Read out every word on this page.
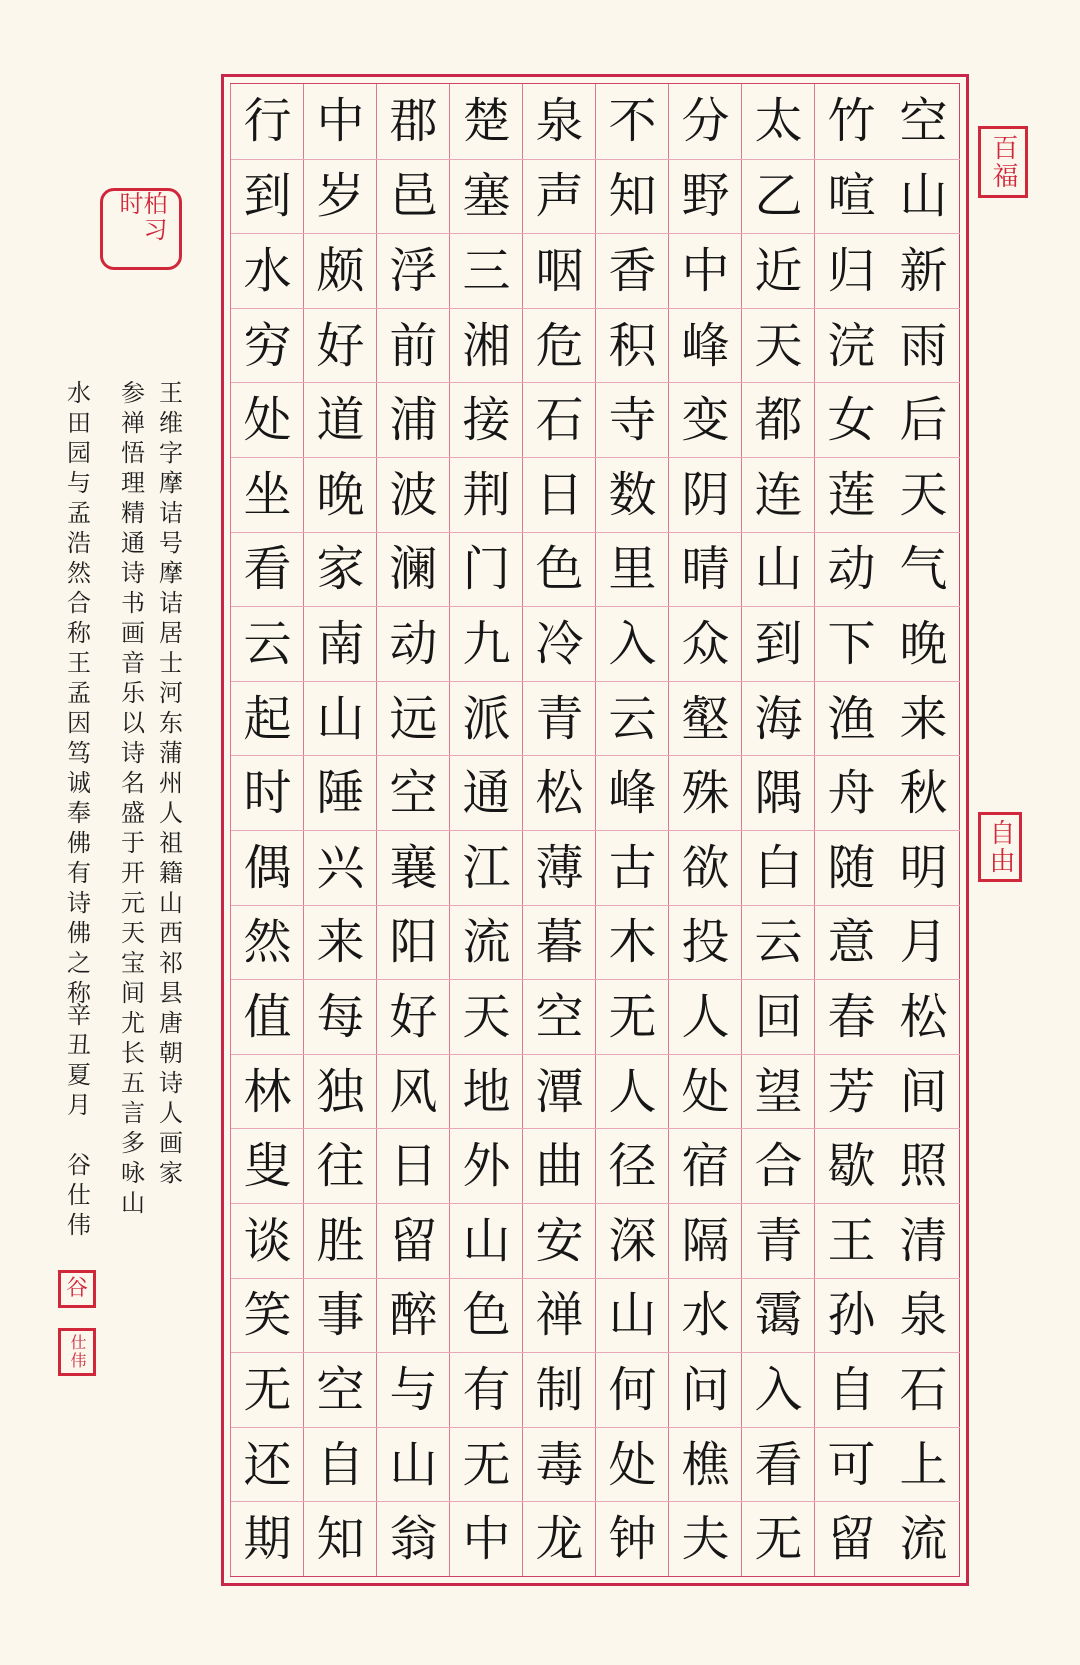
空
山
新
雨
后
天
气
晚
来
秋
明
月
松
间
照
清
泉
石
上
流
竹
喧
归
浣
女
莲
动
下
渔
舟
随
意
春
芳
歇
王
孙
自
可
留
太
乙
近
天
都
连
山
到
海
隅
白
云
回
望
合
青
霭
入
看
无
分
野
中
峰
变
阴
晴
众
壑
殊
欲
投
人
处
宿
隔
水
问
樵
夫
不
知
香
积
寺
数
里
入
云
峰
古
木
无
人
径
深
山
何
处
钟
泉
声
咽
危
石
日
色
冷
青
松
薄
暮
空
潭
曲
安
禅
制
毒
龙
楚
塞
三
湘
接
荆
门
九
派
通
江
流
天
地
外
山
色
有
无
中
郡
邑
浮
前
浦
波
澜
动
远
空
襄
阳
好
风
日
留
醉
与
山
翁
中
岁
颇
好
道
晚
家
南
山
陲
兴
来
每
独
往
胜
事
空
自
知
行
到
水
穷
处
坐
看
云
起
时
偶
然
值
林
叟
谈
笑
无
还
期
王
维
字
摩
诘
号
摩
诘
居
士
河
东
蒲
州
人
祖
籍
山
西
祁
县
唐
朝
诗
人
画
家
参
禅
悟
理
精
通
诗
书
画
音
乐
以
诗
名
盛
于
开
元
天
宝
间
尤
长
五
言
多
咏
山
水
田
园
与
孟
浩
然
合
称
王
孟
因
笃
诚
奉
佛
有
诗
佛
之
称
辛
丑
夏
月

谷
仕
伟
百福
自由
柏习时
谷
仕伟
